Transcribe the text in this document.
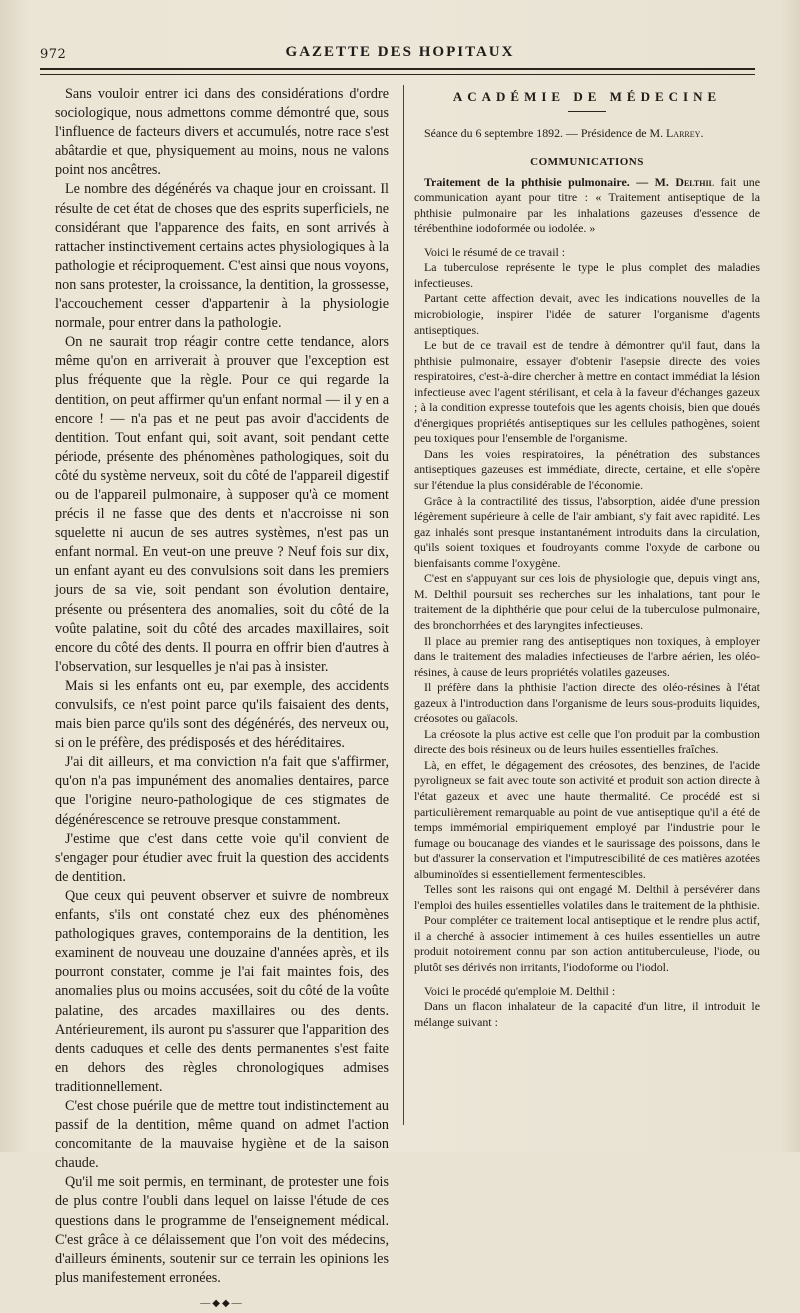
972	GAZETTE DES HOPITAUX

Sans vouloir entrer ici dans des considérations d'ordre sociologique, nous admettons comme démontré que, sous l'influence de facteurs divers et accumulés, notre race s'est abâtardie et que, physiquement au moins, nous ne valons point nos ancêtres.

Le nombre des dégénérés va chaque jour en croissant. Il résulte de cet état de choses que des esprits superficiels, ne considérant que l'apparence des faits, en sont arrivés à rattacher instinctivement certains actes physiologiques à la pathologie et réciproquement. C'est ainsi que nous voyons, non sans protester, la croissance, la dentition, la grossesse, l'accouchement cesser d'appartenir à la physiologie normale, pour entrer dans la pathologie.

On ne saurait trop réagir contre cette tendance, alors même qu'on en arriverait à prouver que l'exception est plus fréquente que la règle. Pour ce qui regarde la dentition, on peut affirmer qu'un enfant normal — il y en a encore ! — n'a pas et ne peut pas avoir d'accidents de dentition. Tout enfant qui, soit avant, soit pendant cette période, présente des phénomènes pathologiques, soit du côté du système nerveux, soit du côté de l'appareil digestif ou de l'appareil pulmonaire, à supposer qu'à ce moment précis il ne fasse que des dents et n'accroisse ni son squelette ni aucun de ses autres systèmes, n'est pas un enfant normal. En veut-on une preuve ? Neuf fois sur dix, un enfant ayant eu des convulsions soit dans les premiers jours de sa vie, soit pendant son évolution dentaire, présente ou présentera des anomalies, soit du côté de la voûte palatine, soit du côté des arcades maxillaires, soit encore du côté des dents. Il pourra en offrir bien d'autres à l'observation, sur lesquelles je n'ai pas à insister.

Mais si les enfants ont eu, par exemple, des accidents convulsifs, ce n'est point parce qu'ils faisaient des dents, mais bien parce qu'ils sont des dégénérés, des nerveux ou, si on le préfère, des prédisposés et des héréditaires.

J'ai dit ailleurs, et ma conviction n'a fait que s'affirmer, qu'on n'a pas impunément des anomalies dentaires, parce que l'origine neuro-pathologique de ces stigmates de dégénérescence se retrouve presque constamment.

J'estime que c'est dans cette voie qu'il convient de s'engager pour étudier avec fruit la question des accidents de dentition.

Que ceux qui peuvent observer et suivre de nombreux enfants, s'ils ont constaté chez eux des phénomènes pathologiques graves, contemporains de la dentition, les examinent de nouveau une douzaine d'années après, et ils pourront constater, comme je l'ai fait maintes fois, des anomalies plus ou moins accusées, soit du côté de la voûte palatine, des arcades maxillaires ou des dents. Antérieurement, ils auront pu s'assurer que l'apparition des dents caduques et celle des dents permanentes s'est faite en dehors des règles chronologiques admises traditionnellement.

C'est chose puérile que de mettre tout indistinctement au passif de la dentition, même quand on admet l'action concomitante de la mauvaise hygiène et de la saison chaude.

Qu'il me soit permis, en terminant, de protester une fois de plus contre l'oubli dans lequel on laisse l'étude de ces questions dans le programme de l'enseignement médical. C'est grâce à ce délaissement que l'on voit des médecins, d'ailleurs éminents, soutenir sur ce terrain les opinions les plus manifestement erronées.

—◆◆—

ACADÉMIE DE MÉDECINE

Séance du 6 septembre 1892. — Présidence de M. Larrey.

COMMUNICATIONS

Traitement de la phthisie pulmonaire. — M. Delthil fait une communication ayant pour titre : « Traitement antiseptique de la phthisie pulmonaire par les inhalations gazeuses d'essence de térébenthine iodoformée ou iodolée. »

Voici le résumé de ce travail :

La tuberculose représente le type le plus complet des maladies infectieuses.

Partant cette affection devait, avec les indications nouvelles de la microbiologie, inspirer l'idée de saturer l'organisme d'agents antiseptiques.

Le but de ce travail est de tendre à démontrer qu'il faut, dans la phthisie pulmonaire, essayer d'obtenir l'asepsie directe des voies respiratoires, c'est-à-dire chercher à mettre en contact immédiat la lésion infectieuse avec l'agent stérilisant, et cela à la faveur d'échanges gazeux ; à la condition expresse toutefois que les agents choisis, bien que doués d'énergiques propriétés antiseptiques sur les cellules pathogènes, soient peu toxiques pour l'ensemble de l'organisme.

Dans les voies respiratoires, la pénétration des substances antiseptiques gazeuses est immédiate, directe, certaine, et elle s'opère sur l'étendue la plus considérable de l'économie.

Grâce à la contractilité des tissus, l'absorption, aidée d'une pression légèrement supérieure à celle de l'air ambiant, s'y fait avec rapidité. Les gaz inhalés sont presque instantanément introduits dans la circulation, qu'ils soient toxiques et foudroyants comme l'oxyde de carbone ou bienfaisants comme l'oxygène.

C'est en s'appuyant sur ces lois de physiologie que, depuis vingt ans, M. Delthil poursuit ses recherches sur les inhalations, tant pour le traitement de la diphthérie que pour celui de la tuberculose pulmonaire, des bronchorrhées et des laryngites infectieuses.

Il place au premier rang des antiseptiques non toxiques, à employer dans le traitement des maladies infectieuses de l'arbre aérien, les oléo-résines, à cause de leurs propriétés volatiles gazeuses.

Il préfère dans la phthisie l'action directe des oléo-résines à l'état gazeux à l'introduction dans l'organisme de leurs sous-produits liquides, créosotes ou gaïacols.

La créosote la plus active est celle que l'on produit par la combustion directe des bois résineux ou de leurs huiles essentielles fraîches.

Là, en effet, le dégagement des créosotes, des benzines, de l'acide pyroligneux se fait avec toute son activité et produit son action directe à l'état gazeux et avec une haute thermalité. Ce procédé est si particulièrement remarquable au point de vue antiseptique qu'il a été de temps immémorial empiriquement employé par l'industrie pour le fumage ou boucanage des viandes et le saurissage des poissons, dans le but d'assurer la conservation et l'imputrescibilité de ces matières azotées albuminoïdes si essentiellement fermentescibles.

Telles sont les raisons qui ont engagé M. Delthil à persévérer dans l'emploi des huiles essentielles volatiles dans le traitement de la phthisie.

Pour compléter ce traitement local antiseptique et le rendre plus actif, il a cherché à associer intimement à ces huiles essentielles un autre produit notoirement connu par son action antituberculeuse, l'iode, ou plutôt ses dérivés non irritants, l'iodoforme ou l'iodol.

Voici le procédé qu'emploie M. Delthil :

Dans un flacon inhalateur de la capacité d'un litre, il introduit le mélange suivant :
